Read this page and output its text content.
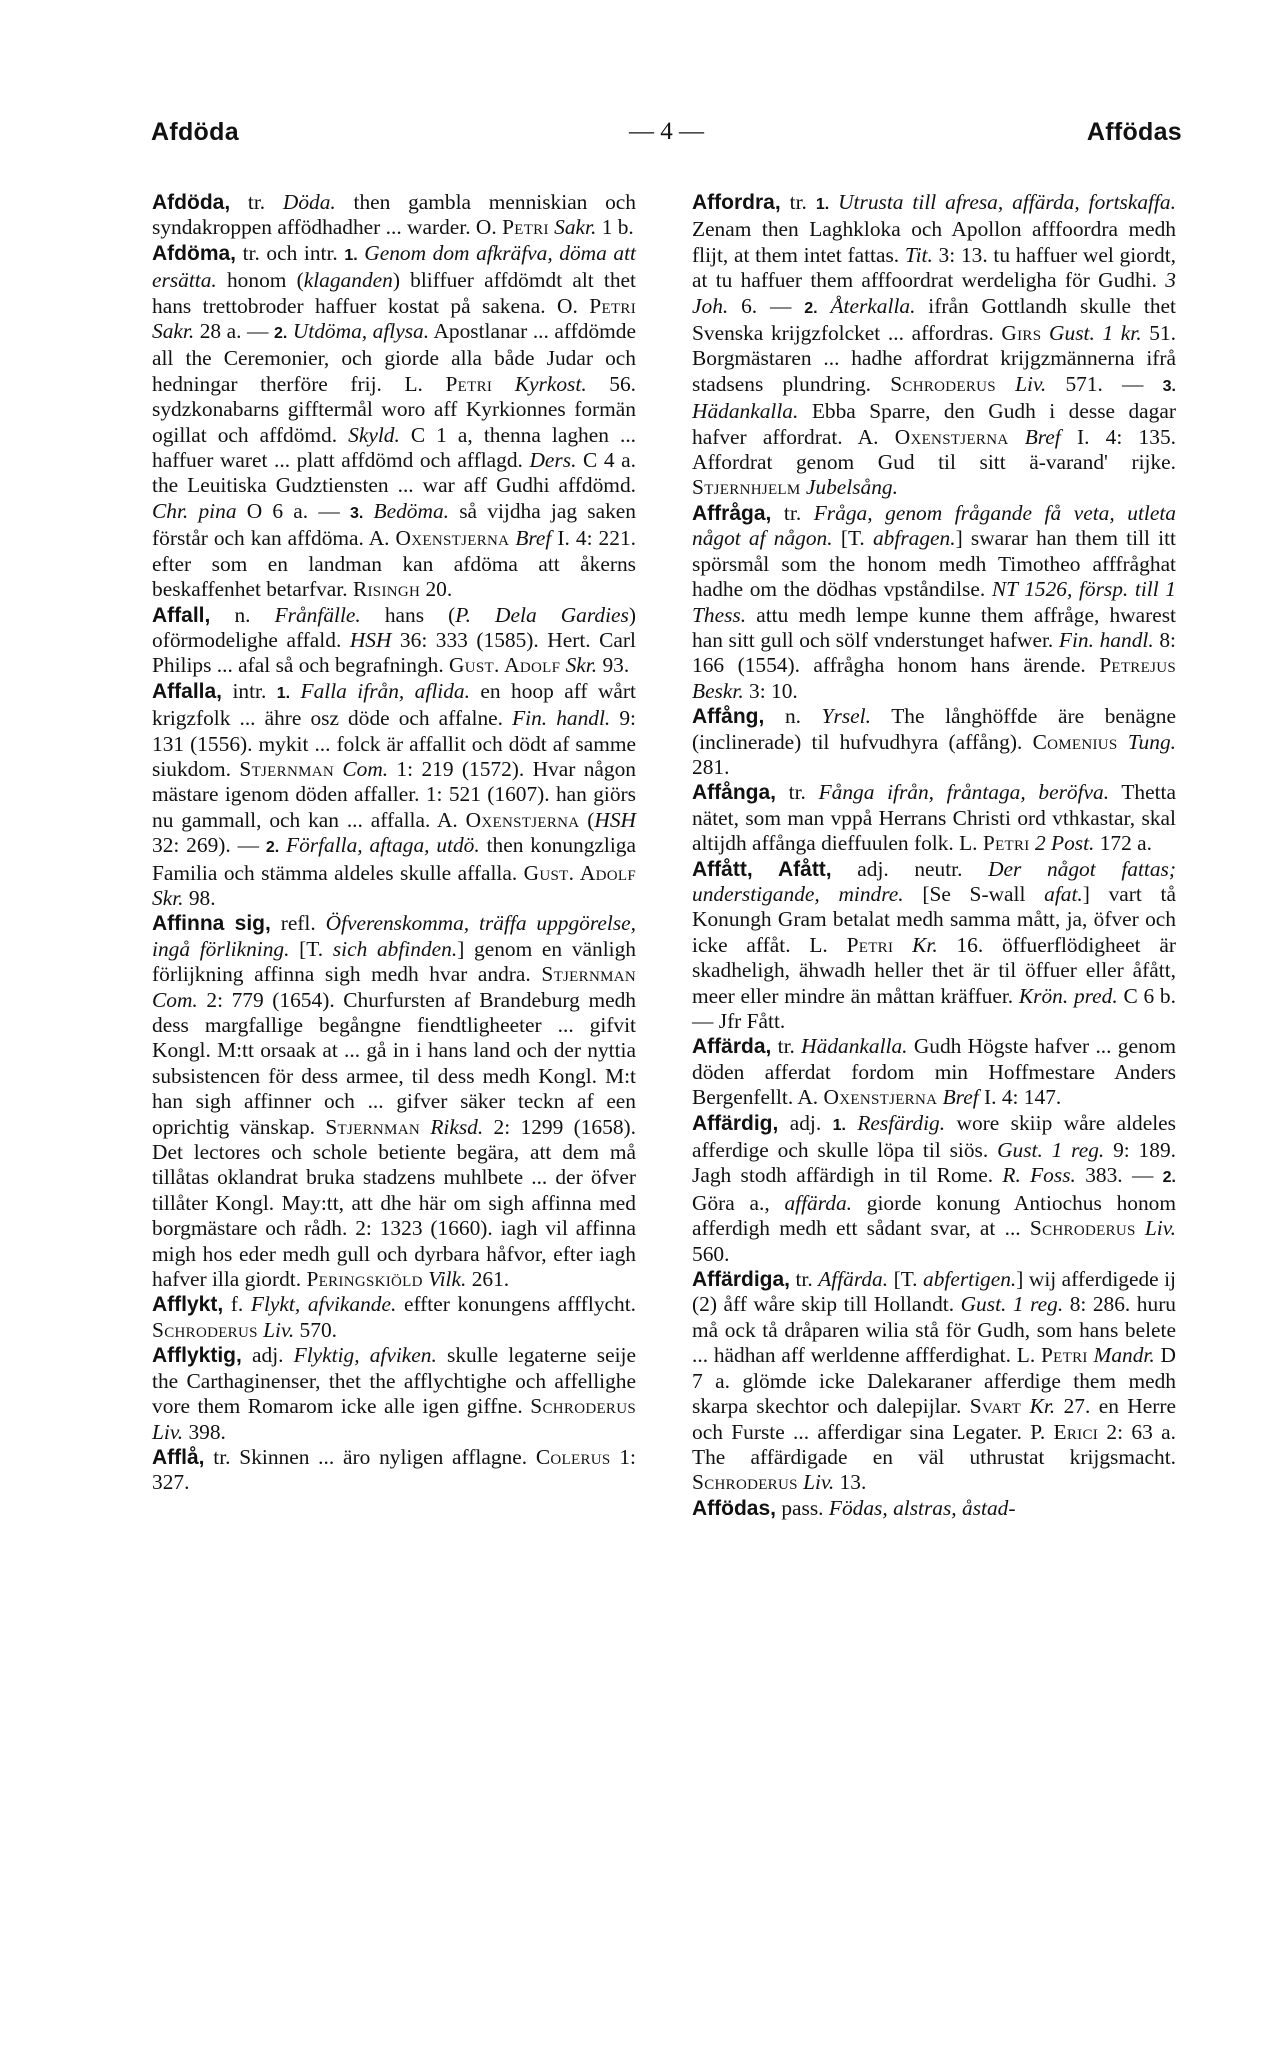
Afdöda	— 4 —	Affödas

Afdöda, tr. Döda. then gambla menniskian och syndakroppen affödhadher ... warder. O. Petri Sakr. 1 b.

Afdöma, tr. och intr. 1. Genom dom afkräfva, döma att ersätta. honom (klaganden) bliffuer affdömdt alt thet hans trettobroder haffuer kostat på sakena. O. Petri Sakr. 28 a. — 2. Utdöma, aflysa. Apostlanar ... affdömde all the Ceremonier, och giorde alla både Judar och hedningar therföre frij. L. Petri Kyrkost. 56. sydzkonabarns gifftermål woro aff Kyrkionnes formän ogillat och affdömd. Skyld. C 1 a, thenna laghen ... haffuer waret ... platt affdömd och afflagd. Ders. C 4 a. the Leuitiska Gudztiensten ... war aff Gudhi affdömd. Chr. pina O 6 a. — 3. Bedöma. så vijdha jag saken förstår och kan affdöma. A. Oxenstjerna Bref I. 4: 221. efter som en landman kan afdöma att åkerns beskaffenhet betarfvar. Risingh 20.

Affall, n. Frånfälle. hans (P. Dela Gardies) oförmodelighe affald. HSH 36: 333 (1585). Hert. Carl Philips ... afal så och begrafningh. Gust. Adolf Skr. 93.

Affalla, intr. 1. Falla ifrån, aflida. en hoop aff wårt krigzfolk ... ähre osz döde och affalne. Fin. handl. 9: 131 (1556). mykit ... folck är affallit och dödt af samme siukdom. Stjernman Com. 1: 219 (1572). Hvar någon mästare igenom döden affaller. 1: 521 (1607). han giörs nu gammall, och kan ... affalla. A. Oxenstjerna (HSH 32: 269). — 2. Förfalla, aftaga, utdö. then konungzliga Familia och stämma aldeles skulle affalla. Gust. Adolf Skr. 98.

Affinna sig, refl. Öfverenskomma, träffa uppgörelse, ingå förlikning. [T. sich abfinden.] genom en vänligh förlijkning affinna sigh medh hvar andra. Stjernman Com. 2: 779 (1654). Churfursten af Brandeburg medh dess margfallige begångne fiendtligheeter ... gifvit Kongl. M:tt orsaak at ... gå in i hans land och der nyttia subsistencen för dess armee, til dess medh Kongl. M:t han sigh affinner och ... gifver säker teckn af een oprichtig vänskap. Stjernman Riksd. 2: 1299 (1658). Det lectores och schole betiente begära, att dem må tillåtas oklandrat bruka stadzens muhlbete ... der öfver tillåter Kongl. May:tt, att dhe här om sigh affinna med borgmästare och rådh. 2: 1323 (1660). iagh vil affinna migh hos eder medh gull och dyrbara håfvor, efter iagh hafver illa giordt. Peringskiöld Vilk. 261.

Afflykt, f. Flykt, afvikande. effter konungens affflycht. Schroderus Liv. 570.

Afflyktig, adj. Flyktig, afviken. skulle legaterne seije the Carthaginenser, thet the afflychtighe och affellighe vore them Romarom icke alle igen giffne. Schroderus Liv. 398.

Afflå, tr. Skinnen ... äro nyligen afflagne. Colerus 1: 327.

Affordra, tr. 1. Utrusta till afresa, affärda, fortskaffa. Zenam then Laghkloka och Apollon afffoordra medh flijt, at them intet fattas. Tit. 3: 13. tu haffuer wel giordt, at tu haffuer them afffoordrat werdeligha för Gudhi. 3 Joh. 6. — 2. Återkalla. ifrån Gottlandh skulle thet Svenska krijgzfolcket ... affordras. Girs Gust. 1 kr. 51. Borgmästaren ... hadhe affordrat krijgzmännerna ifrå stadsens plundring. Schroderus Liv. 571. — 3. Hädankalla. Ebba Sparre, den Gudh i desse dagar hafver affordrat. A. Oxenstjerna Bref I. 4: 135. Affordrat genom Gud til sitt ä-varand' rijke. Stjernhjelm Jubelsång.

Affråga, tr. Fråga, genom frågande få veta, utleta något af någon. [T. abfragen.] swarar han them till itt spörsmål som the honom medh Timotheo afffråghat hadhe om the dödhas vpståndilse. NT 1526, försp. till 1 Thess. attu medh lempe kunne them affråge, hwarest han sitt gull och sölf vnderstunget hafwer. Fin. handl. 8: 166 (1554). affrågha honom hans ärende. Petrejus Beskr. 3: 10.

Affång, n. Yrsel. The långhöffde äre benägne (inclinerade) til hufvudhyra (affång). Comenius Tung. 281.

Affånga, tr. Fånga ifrån, fråntaga, beröfva. Thetta nätet, som man vppå Herrans Christi ord vthkastar, skal altijdh affånga dieffuulen folk. L. Petri 2 Post. 172 a.

Affått, Afått, adj. neutr. Der något fattas; understigande, mindre. [Se S-wall afat.] vart tå Konungh Gram betalat medh samma mått, ja, öfver och icke affåt. L. Petri Kr. 16. öffuerflödigheet är skadheligh, ähwadh heller thet är til öffuer eller åfått, meer eller mindre än måttan kräffuer. Krön. pred. C 6 b. — Jfr Fått.

Affärda, tr. Hädankalla. Gudh Högste hafver ... genom döden afferdat fordom min Hoffmestare Anders Bergenfellt. A. Oxenstjerna Bref I. 4: 147.

Affärdig, adj. 1. Resfärdig. wore skiip wåre aldeles afferdige och skulle löpa til siös. Gust. 1 reg. 9: 189. Jagh stodh affärdigh in til Rome. R. Foss. 383. — 2. Göra a., affärda. giorde konung Antiochus honom afferdigh medh ett sådant svar, at ... Schroderus Liv. 560.

Affärdiga, tr. Affärda. [T. abfertigen.] wij afferdigede ij (2) åff wåre skip till Hollandt. Gust. 1 reg. 8: 286. huru må ock tå dråparen wilia stå för Gudh, som hans belete ... hädhan aff werldenne affferdighat. L. Petri Mandr. D 7 a. glömde icke Dalekaraner afferdige them medh skarpa skechtor och dalepijlar. Svart Kr. 27. en Herre och Furste ... afferdigar sina Legater. P. Erici 2: 63 a. The affärdigade en väl uthrustat krijgsmacht. Schroderus Liv. 13.

Affödas, pass. Födas, alstras, åstad-
